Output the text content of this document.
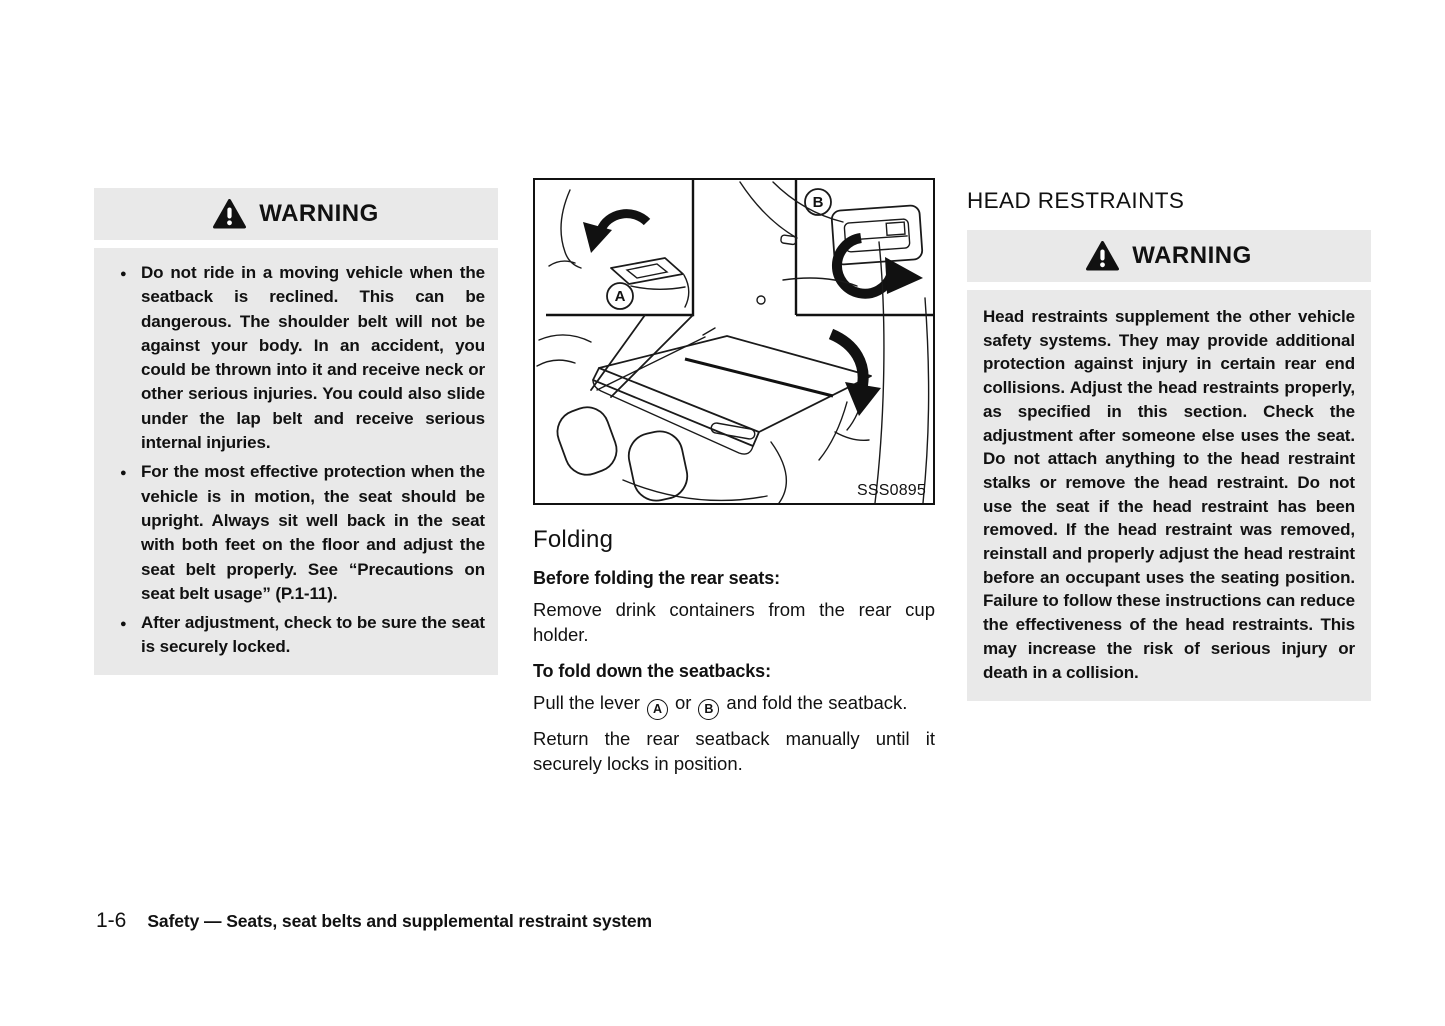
WARNING
● Do not ride in a moving vehicle when the seatback is reclined. This can be dangerous. The shoulder belt will not be against your body. In an accident, you could be thrown into it and receive neck or other serious injuries. You could also slide under the lap belt and receive serious internal injuries.
● For the most effective protection when the vehicle is in motion, the seat should be upright. Always sit well back in the seat with both feet on the floor and adjust the seat belt properly. See “Precautions on seat belt usage” (P.1-11).
● After adjustment, check to be sure the seat is securely locked.
A
B
SSS0895
Folding

Before folding the rear seats:

Remove drink containers from the rear cup holder.

To fold down the seatbacks:

Pull the lever A or B and fold the seatback.

Return the rear seatback manually until it securely locks in position.

HEAD RESTRAINTS
WARNING
Head restraints supplement the other vehicle safety systems. They may provide additional protection against injury in certain rear end collisions. Adjust the head restraints properly, as specified in this section. Check the adjustment after someone else uses the seat. Do not attach anything to the head restraint stalks or remove the head restraint. Do not use the seat if the head restraint has been removed. If the head restraint was removed, reinstall and properly adjust the head restraint before an occupant uses the seating position. Failure to follow these instructions can reduce the effectiveness of the head restraints. This may increase the risk of serious injury or death in a collision.
1-6 Safety — Seats, seat belts and supplemental restraint system
